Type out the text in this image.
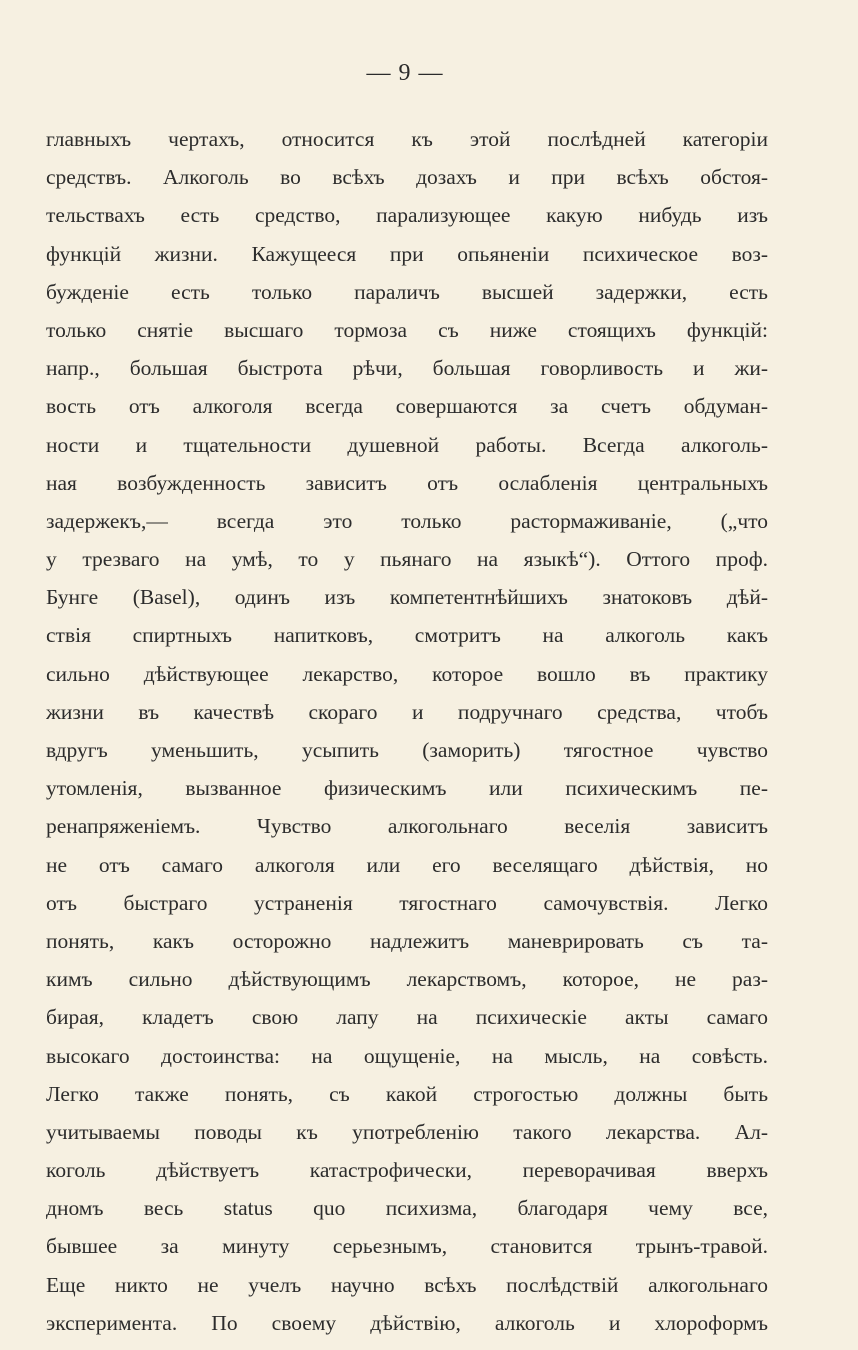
— 9 —
главныхъ чертахъ, относится къ этой послѣдней категоріи
средствъ. Алкоголь во всѣхъ дозахъ и при всѣхъ обстоя-
тельствахъ есть средство, парализующее какую нибудь изъ
функцій жизни. Кажущееся при опьяненіи психическое воз-
бужденіе есть только параличъ высшей задержки, есть
только снятіе высшаго тормоза съ ниже стоящихъ функцій:
напр., большая быстрота рѣчи, большая говорливость и жи-
вость отъ алкоголя всегда совершаются за счетъ обдуман-
ности и тщательности душевной работы. Всегда алкоголь-
ная возбужденность зависитъ отъ ослабленія центральныхъ
задержекъ,— всегда это только растормаживаніе, („что
у трезваго на умѣ, то у пьянаго на языкѣ“). Оттого проф.
Бунге (Basel), одинъ изъ компетентнѣйшихъ знатоковъ дѣй-
ствія спиртныхъ напитковъ, смотритъ на алкоголь какъ
сильно дѣйствующее лекарство, которое вошло въ практику
жизни въ качествѣ скораго и подручнаго средства, чтобъ
вдругъ уменьшить, усыпить (заморить) тягостное чувство
утомленія, вызванное физическимъ или психическимъ пе-
ренапряженіемъ. Чувство алкогольнаго веселія зависитъ
не отъ самаго алкоголя или его веселящаго дѣйствія, но
отъ быстраго устраненія тягостнаго самочувствія. Легко
понять, какъ осторожно надлежитъ маневрировать съ та-
кимъ сильно дѣйствующимъ лекарствомъ, которое, не раз-
бирая, кладетъ свою лапу на психическіе акты самаго
высокаго достоинства: на ощущеніе, на мысль, на совѣсть.
Легко также понять, съ какой строгостью должны быть
учитываемы поводы къ употребленію такого лекарства. Ал-
коголь дѣйствуетъ катастрофически, переворачивая вверхъ
дномъ весь status quo психизма, благодаря чему все,
бывшее за минуту серьезнымъ, становится трынъ-травой.
Еще никто не учелъ научно всѣхъ послѣдствій алкогольнаго
эксперимента. По своему дѣйствію, алкоголь и хлороформъ
